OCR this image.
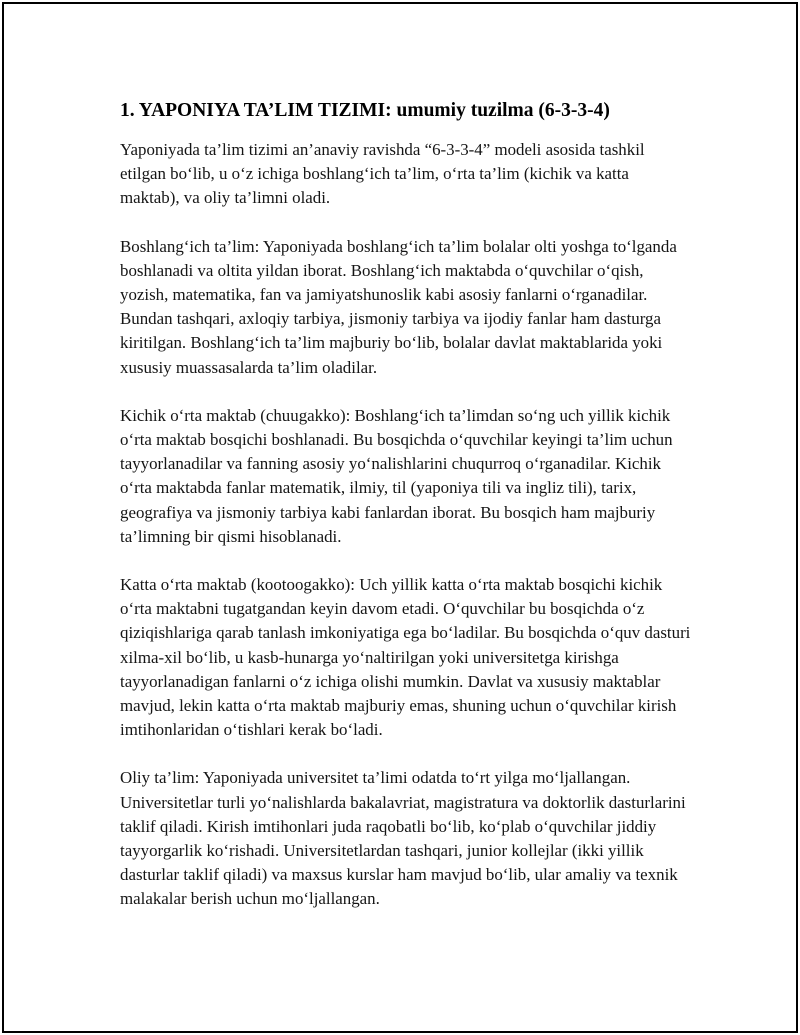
1. YAPONIYA TA’LIM TIZIMI: umumiy tuzilma (6-3-3-4)

Yaponiyada ta’lim tizimi an’anaviy ravishda “6-3-3-4” modeli asosida tashkil etilgan bo‘lib, u o‘z ichiga boshlang‘ich ta’lim, o‘rta ta’lim (kichik va katta maktab), va oliy ta’limni oladi.

Boshlang‘ich ta’lim: Yaponiyada boshlang‘ich ta’lim bolalar olti yoshga to‘lganda boshlanadi va oltita yildan iborat. Boshlang‘ich maktabda o‘quvchilar o‘qish, yozish, matematika, fan va jamiyatshunoslik kabi asosiy fanlarni o‘rganadilar. Bundan tashqari, axloqiy tarbiya, jismoniy tarbiya va ijodiy fanlar ham dasturga kiritilgan. Boshlang‘ich ta’lim majburiy bo‘lib, bolalar davlat maktablarida yoki xususiy muassasalarda ta’lim oladilar.

Kichik o‘rta maktab (chuugakko): Boshlang‘ich ta’limdan so‘ng uch yillik kichik o‘rta maktab bosqichi boshlanadi. Bu bosqichda o‘quvchilar keyingi ta’lim uchun tayyorlanadilar va fanning asosiy yo‘nalishlarini chuqurroq o‘rganadilar. Kichik o‘rta maktabda fanlar matematik, ilmiy, til (yaponiya tili va ingliz tili), tarix, geografiya va jismoniy tarbiya kabi fanlardan iborat. Bu bosqich ham majburiy ta’limning bir qismi hisoblanadi.

Katta o‘rta maktab (kootoogakko): Uch yillik katta o‘rta maktab bosqichi kichik o‘rta maktabni tugatgandan keyin davom etadi. O‘quvchilar bu bosqichda o‘z qiziqishlariga qarab tanlash imkoniyatiga ega bo‘ladilar. Bu bosqichda o‘quv dasturi xilma-xil bo‘lib, u kasb-hunarga yo‘naltirilgan yoki universitetga kirishga tayyorlanadigan fanlarni o‘z ichiga olishi mumkin. Davlat va xususiy maktablar mavjud, lekin katta o‘rta maktab majburiy emas, shuning uchun o‘quvchilar kirish imtihonlaridan o‘tishlari kerak bo‘ladi.

Oliy ta’lim: Yaponiyada universitet ta’limi odatda to‘rt yilga mo‘ljallangan. Universitetlar turli yo‘nalishlarda bakalavriat, magistratura va doktorlik dasturlarini taklif qiladi. Kirish imtihonlari juda raqobatli bo‘lib, ko‘plab o‘quvchilar jiddiy tayyorgarlik ko‘rishadi. Universitetlardan tashqari, junior kollejlar (ikki yillik dasturlar taklif qiladi) va maxsus kurslar ham mavjud bo‘lib, ular amaliy va texnik malakalar berish uchun mo‘ljallangan.
